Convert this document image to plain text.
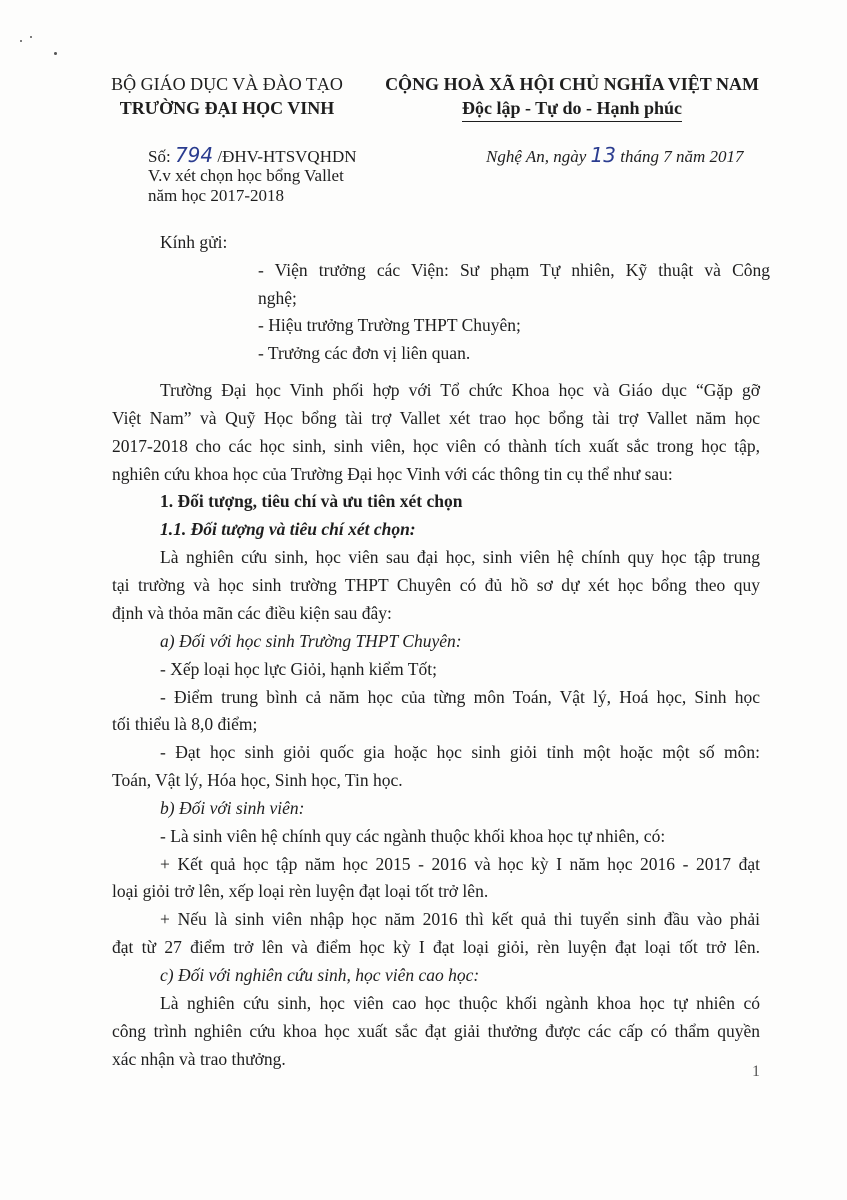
BỘ GIÁO DỤC VÀ ĐÀO TẠO
TRƯỜNG ĐẠI HỌC VINH
CỘNG HOÀ XÃ HỘI CHỦ NGHĨA VIỆT NAM
Độc lập - Tự do - Hạnh phúc
Số: 794 /ĐHV-HTSVQHDN
V.v xét chọn học bổng Vallet
năm học 2017-2018
Nghệ An, ngày 13 tháng 7 năm 2017
Kính gửi:
- Viện trưởng các Viện: Sư phạm Tự nhiên, Kỹ thuật và Công
nghệ;
- Hiệu trưởng Trường THPT Chuyên;
- Trưởng các đơn vị liên quan.
Trường Đại học Vinh phối hợp với Tổ chức Khoa học và Giáo dục “Gặp gỡ
Việt Nam” và Quỹ Học bổng tài trợ Vallet xét trao học bổng tài trợ Vallet năm học
2017-2018 cho các học sinh, sinh viên, học viên có thành tích xuất sắc trong học tập,
nghiên cứu khoa học của Trường Đại học Vinh với các thông tin cụ thể như sau:
1. Đối tượng, tiêu chí và ưu tiên xét chọn
1.1. Đối tượng và tiêu chí xét chọn:
Là nghiên cứu sinh, học viên sau đại học, sinh viên hệ chính quy học tập trung
tại trường và học sinh trường THPT Chuyên có đủ hồ sơ dự xét học bổng theo quy
định và thỏa mãn các điều kiện sau đây:
a) Đối với học sinh Trường THPT Chuyên:
- Xếp loại học lực Giỏi, hạnh kiểm Tốt;
- Điểm trung bình cả năm học của từng môn Toán, Vật lý, Hoá học, Sinh học
tối thiểu là 8,0 điểm;
- Đạt học sinh giỏi quốc gia hoặc học sinh giỏi tỉnh một hoặc một số môn:
Toán, Vật lý, Hóa học, Sinh học, Tin học.
b) Đối với sinh viên:
- Là sinh viên hệ chính quy các ngành thuộc khối khoa học tự nhiên, có:
+ Kết quả học tập năm học 2015 - 2016 và học kỳ I năm học 2016 - 2017 đạt
loại giỏi trở lên, xếp loại rèn luyện đạt loại tốt trở lên.
+ Nếu là sinh viên nhập học năm 2016 thì kết quả thi tuyển sinh đầu vào phải
đạt từ 27 điểm trở lên và điểm học kỳ I đạt loại giỏi, rèn luyện đạt loại tốt trở lên.
c) Đối với nghiên cứu sinh, học viên cao học:
Là nghiên cứu sinh, học viên cao học thuộc khối ngành khoa học tự nhiên có
công trình nghiên cứu khoa học xuất sắc đạt giải thưởng được các cấp có thẩm quyền
xác nhận và trao thưởng.
1
